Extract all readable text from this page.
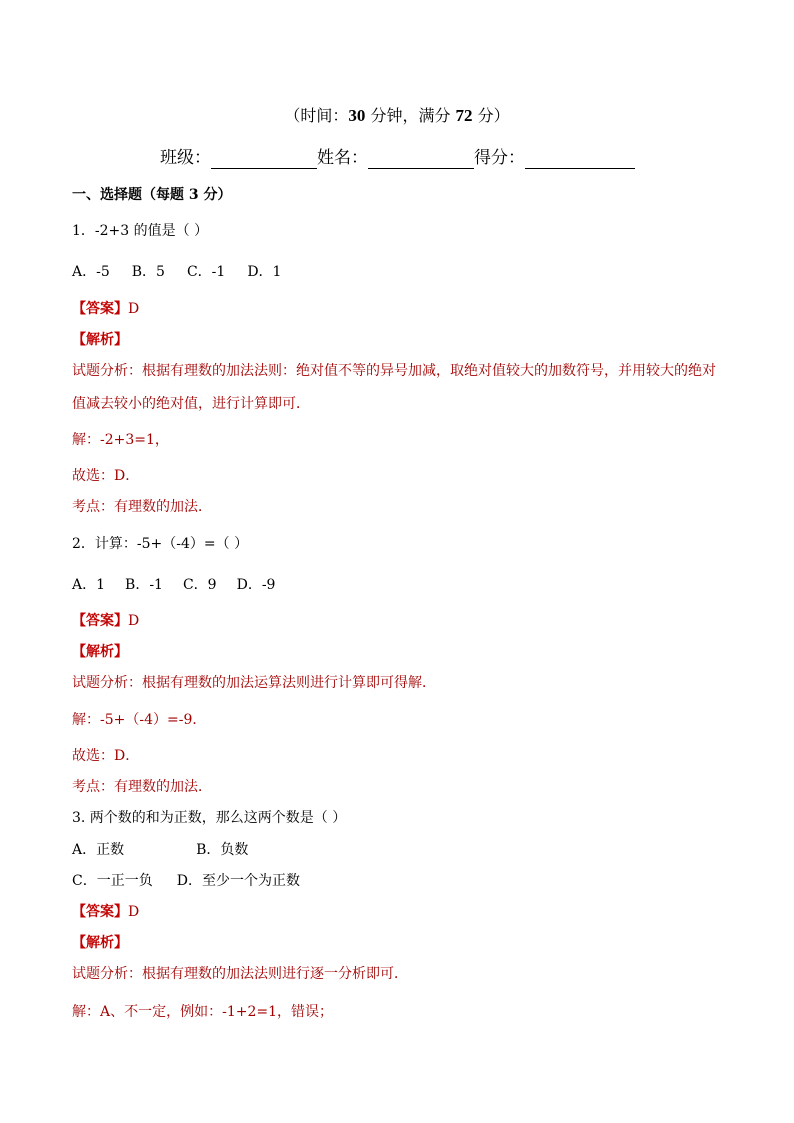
（时间：30 分钟，满分 72 分）
班级：	姓名：	得分：
一、选择题（每题 3 分）
1．-2+3 的值是（ ）
A．-5 B．5 C．-1 D．1
【答案】D
【解析】
试题分析：根据有理数的加法法则：绝对值不等的异号加减，取绝对值较大的加数符号，并用较大的绝对
值减去较小的绝对值，进行计算即可．
解：-2+3=1，
故选：D．
考点：有理数的加法．
2．计算：-5+（-4）=（ ）
A．1 B．-1 C．9 D．-9
【答案】D
【解析】
试题分析：根据有理数的加法运算法则进行计算即可得解．
解：-5+（-4）=-9．
故选：D．
考点：有理数的加法．
3. 两个数的和为正数，那么这两个数是（ ）
A．正数	B．负数
C．一正一负 D．至少一个为正数
【答案】D
【解析】
试题分析：根据有理数的加法法则进行逐一分析即可．
解：A、不一定，例如：-1+2=1，错误；
